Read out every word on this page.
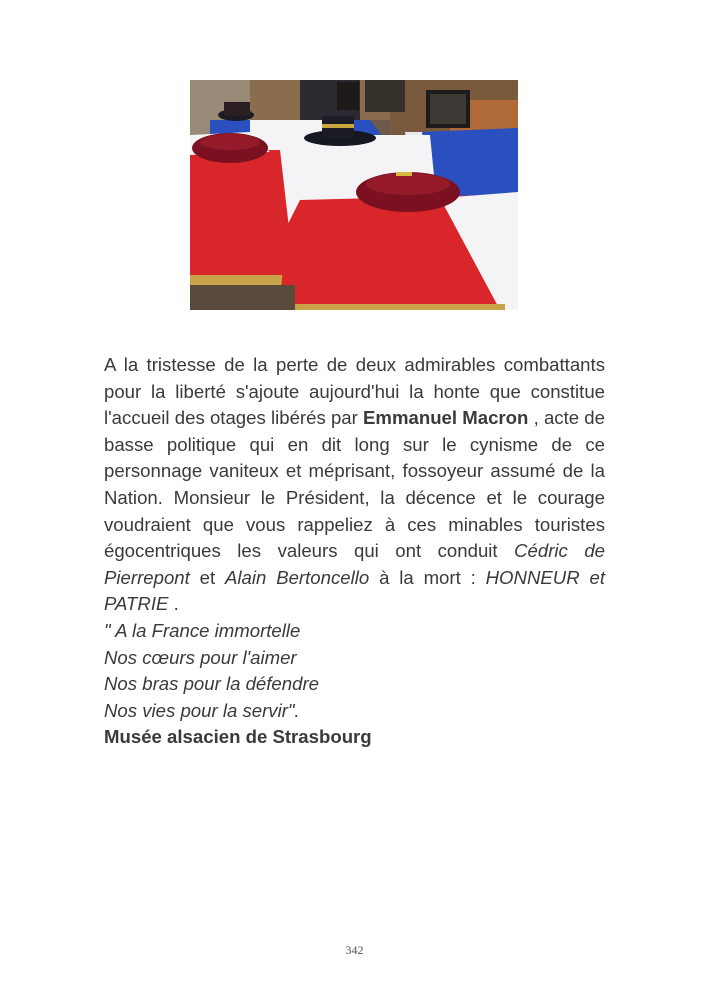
A la tristesse de la perte de deux admirables combattants pour la liberté s'ajoute aujourd'hui la honte que constitue l'accueil des otages libérés par Emmanuel Macron , acte de basse politique qui en dit long sur le cynisme de ce personnage vaniteux et méprisant, fossoyeur assumé de la Nation. Monsieur le Président, la décence et le courage voudraient que vous rappeliez à ces minables touristes égocentriques les valeurs qui ont conduit Cédric de Pierrepont et Alain Bertoncello à la mort : HONNEUR et PATRIE .

" A la France immortelle

Nos cœurs pour l'aimer

Nos bras pour la défendre

Nos vies pour la servir".

Musée alsacien de Strasbourg

342
